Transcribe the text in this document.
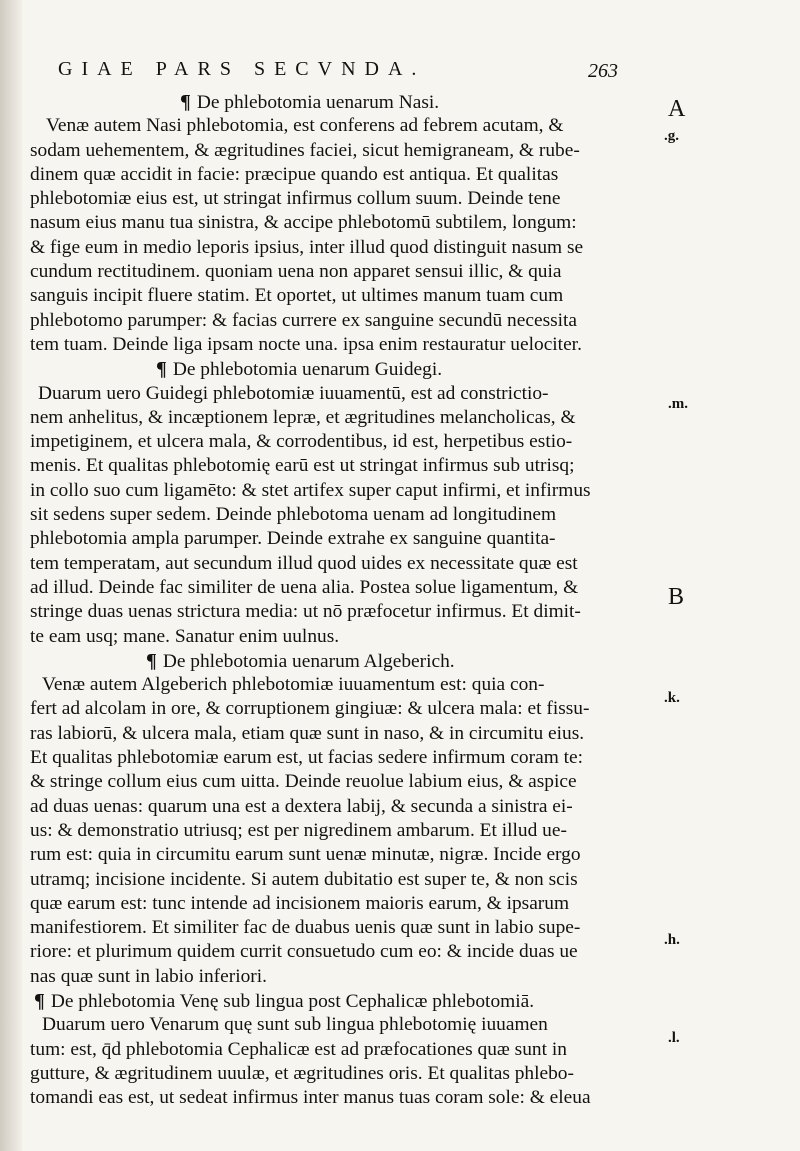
GIAE PARS SECVNDA.	263
¶ De phlebotomia uenarum Nasi.
Venæ autem Nasi phlebotomia, est conferens ad febrem acutam, &
sodam uehementem, & ægritudines faciei, sicut hemigraneam, & rube-
dinem quæ accidit in facie: præcipue quando est antiqua. Et qualitas
phlebotomiæ eius est, ut stringat infirmus collum suum. Deinde tene
nasum eius manu tua sinistra, & accipe phlebotomū subtilem, longum:
& fige eum in medio leporis ipsius, inter illud quod distinguit nasum se
cundum rectitudinem. quoniam uena non apparet sensui illic, & quia
sanguis incipit fluere statim. Et oportet, ut ultimes manum tuam cum
phlebotomo parumper: & facias currere ex sanguine secundū necessita
tem tuam. Deinde liga ipsam nocte una. ipsa enim restauratur uelociter.
¶ De phlebotomia uenarum Guidegi.
Duarum uero Guidegi phlebotomiæ iuuamentū, est ad constrictio-
nem anhelitus, & incæptionem lepræ, et ægritudines melancholicas, &
impetiginem, et ulcera mala, & corrodentibus, id est, herpetibus estio-
menis. Et qualitas phlebotomię earū est ut stringat infirmus sub utrisq;
in collo suo cum ligamēto: & stet artifex super caput infirmi, et infirmus
sit sedens super sedem. Deinde phlebotoma uenam ad longitudinem
phlebotomia ampla parumper. Deinde extrahe ex sanguine quantita-
tem temperatam, aut secundum illud quod uides ex necessitate quæ est
ad illud. Deinde fac similiter de uena alia. Postea solue ligamentum, &
stringe duas uenas strictura media: ut nō præfocetur infirmus. Et dimit-
te eam usq; mane. Sanatur enim uulnus.
¶ De phlebotomia uenarum Algeberich.
Venæ autem Algeberich phlebotomiæ iuuamentum est: quia con-
fert ad alcolam in ore, & corruptionem gingiuæ: & ulcera mala: et fissu-
ras labiorū, & ulcera mala, etiam quæ sunt in naso, & in circumitu eius.
Et qualitas phlebotomiæ earum est, ut facias sedere infirmum coram te:
& stringe collum eius cum uitta. Deinde reuolue labium eius, & aspice
ad duas uenas: quarum una est a dextera labij, & secunda a sinistra ei-
us: & demonstratio utriusq; est per nigredinem ambarum. Et illud ue-
rum est: quia in circumitu earum sunt uenæ minutæ, nigræ. Incide ergo
utramq; incisione incidente. Si autem dubitatio est super te, & non scis
quæ earum est: tunc intende ad incisionem maioris earum, & ipsarum
manifestiorem. Et similiter fac de duabus uenis quæ sunt in labio supe-
riore: et plurimum quidem currit consuetudo cum eo: & incide duas ue
nas quæ sunt in labio inferiori.
¶ De phlebotomia Venę sub lingua post Cephalicæ phlebotomiā.
Duarum uero Venarum quę sunt sub lingua phlebotomię iuuamen
tum: est, q̄d phlebotomia Cephalicæ est ad præfocationes quæ sunt in
gutture, & ægritudinem uuulæ, et ægritudines oris. Et qualitas phlebo-
tomandi eas est, ut sedeat infirmus inter manus tuas coram sole: & eleua
A
.g.
.m.
B
.k.
.h.
.l.
